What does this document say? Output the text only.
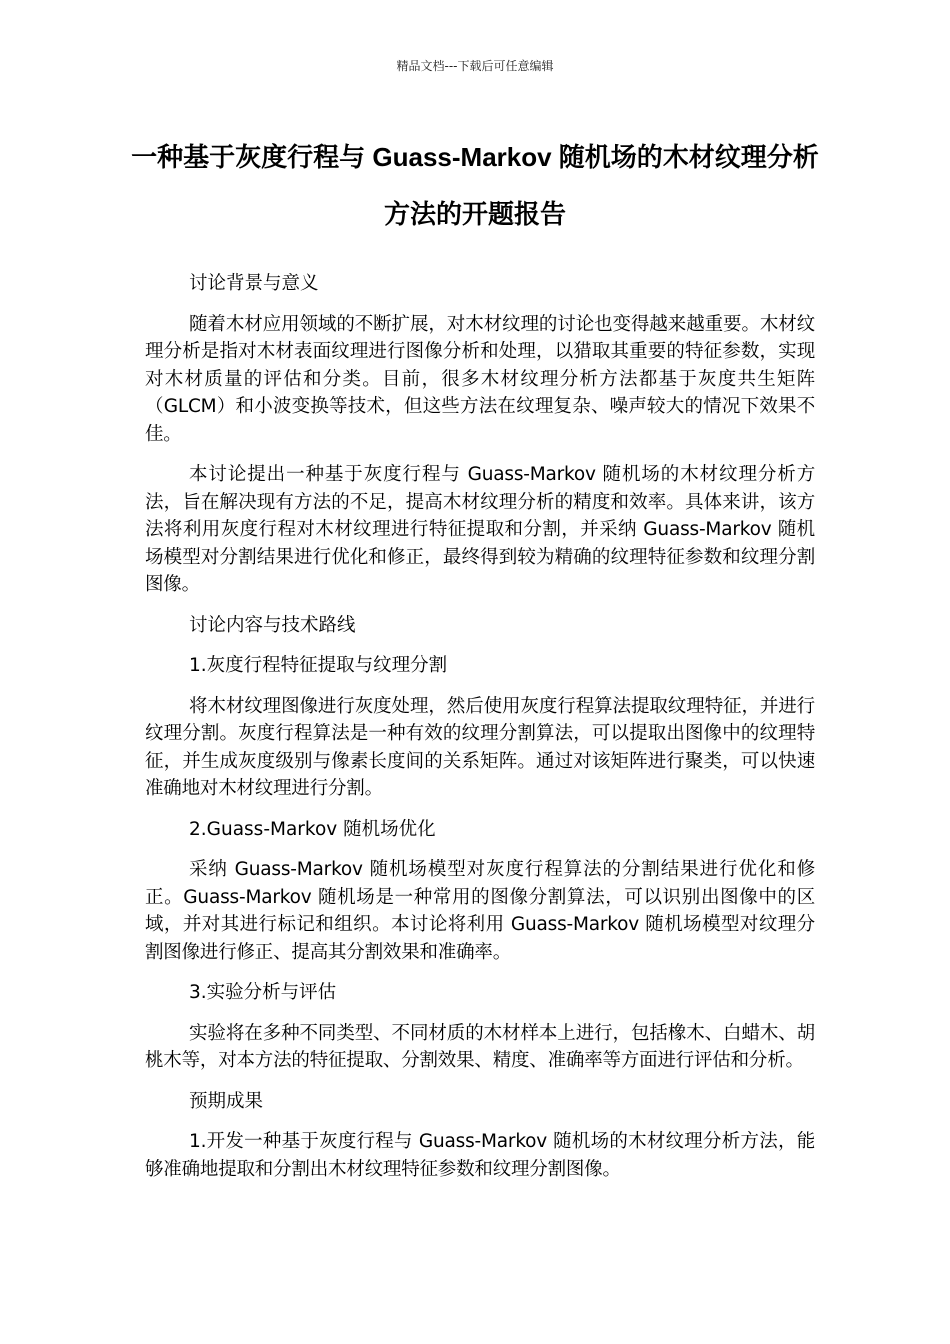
精品文档---下载后可任意编辑
一种基于灰度行程与 Guass-Markov 随机场的木材纹理分析方法的开题报告

讨论背景与意义

随着木材应用领域的不断扩展，对木材纹理的讨论也变得越来越重要。木材纹理分析是指对木材表面纹理进行图像分析和处理，以猎取其重要的特征参数，实现对木材质量的评估和分类。目前，很多木材纹理分析方法都基于灰度共生矩阵（GLCM）和小波变换等技术，但这些方法在纹理复杂、噪声较大的情况下效果不佳。

本讨论提出一种基于灰度行程与 Guass-Markov 随机场的木材纹理分析方法，旨在解决现有方法的不足，提高木材纹理分析的精度和效率。具体来讲，该方法将利用灰度行程对木材纹理进行特征提取和分割，并采纳 Guass-Markov 随机场模型对分割结果进行优化和修正，最终得到较为精确的纹理特征参数和纹理分割图像。

讨论内容与技术路线

1.灰度行程特征提取与纹理分割

将木材纹理图像进行灰度处理，然后使用灰度行程算法提取纹理特征，并进行纹理分割。灰度行程算法是一种有效的纹理分割算法，可以提取出图像中的纹理特征，并生成灰度级别与像素长度间的关系矩阵。通过对该矩阵进行聚类，可以快速准确地对木材纹理进行分割。

2.Guass-Markov 随机场优化

采纳 Guass-Markov 随机场模型对灰度行程算法的分割结果进行优化和修正。Guass-Markov 随机场是一种常用的图像分割算法，可以识别出图像中的区域，并对其进行标记和组织。本讨论将利用 Guass-Markov 随机场模型对纹理分割图像进行修正、提高其分割效果和准确率。

3.实验分析与评估

实验将在多种不同类型、不同材质的木材样本上进行，包括橡木、白蜡木、胡桃木等，对本方法的特征提取、分割效果、精度、准确率等方面进行评估和分析。

预期成果

1.开发一种基于灰度行程与 Guass-Markov 随机场的木材纹理分析方法，能够准确地提取和分割出木材纹理特征参数和纹理分割图像。
